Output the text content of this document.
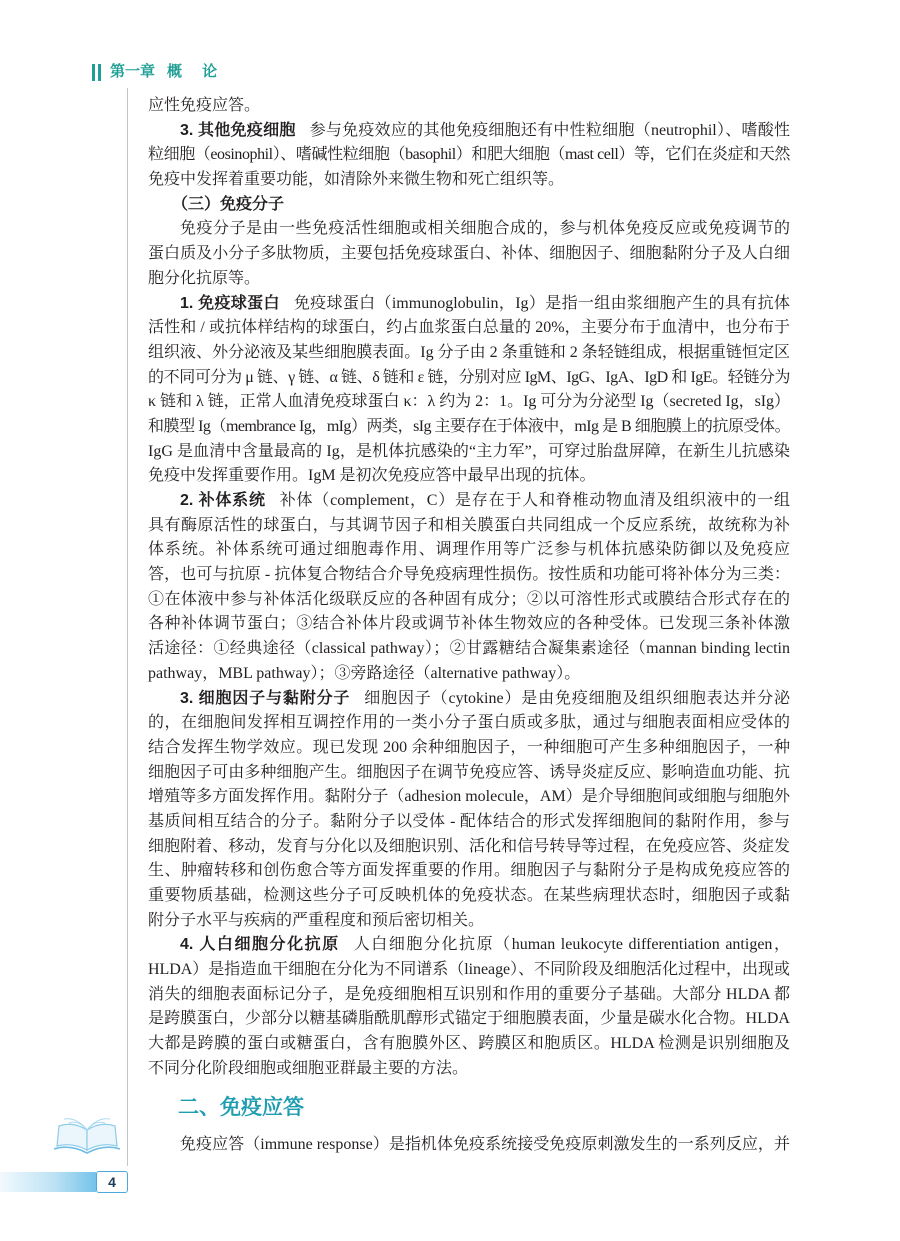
第一章 概 论
应性免疫应答。
3. 其他免疫细胞 参与免疫效应的其他免疫细胞还有中性粒细胞（neutrophil）、嗜酸性
粒细胞（eosinophil）、嗜碱性粒细胞（basophil）和肥大细胞（mast cell）等，它们在炎症和天然
免疫中发挥着重要功能，如清除外来微生物和死亡组织等。
（三）免疫分子
免疫分子是由一些免疫活性细胞或相关细胞合成的，参与机体免疫反应或免疫调节的
蛋白质及小分子多肽物质，主要包括免疫球蛋白、补体、细胞因子、细胞黏附分子及人白细
胞分化抗原等。
1. 免疫球蛋白 免疫球蛋白（immunoglobulin，Ig）是指一组由浆细胞产生的具有抗体
活性和 / 或抗体样结构的球蛋白，约占血浆蛋白总量的 20%，主要分布于血清中，也分布于
组织液、外分泌液及某些细胞膜表面。Ig 分子由 2 条重链和 2 条轻链组成，根据重链恒定区
的不同可分为 μ 链、γ 链、α 链、δ 链和 ε 链，分别对应 IgM、IgG、IgA、IgD 和 IgE。轻链分为
κ 链和 λ 链，正常人血清免疫球蛋白 κ：λ 约为 2：1。Ig 可分为分泌型 Ig（secreted Ig，sIg）
和膜型 Ig（membrance Ig，mIg）两类，sIg 主要存在于体液中，mIg 是 B 细胞膜上的抗原受体。
IgG 是血清中含量最高的 Ig，是机体抗感染的“主力军”，可穿过胎盘屏障，在新生儿抗感染
免疫中发挥重要作用。IgM 是初次免疫应答中最早出现的抗体。
2. 补体系统 补体（complement，C）是存在于人和脊椎动物血清及组织液中的一组
具有酶原活性的球蛋白，与其调节因子和相关膜蛋白共同组成一个反应系统，故统称为补
体系统。补体系统可通过细胞毒作用、调理作用等广泛参与机体抗感染防御以及免疫应
答，也可与抗原 - 抗体复合物结合介导免疫病理性损伤。按性质和功能可将补体分为三类：
①在体液中参与补体活化级联反应的各种固有成分；②以可溶性形式或膜结合形式存在的
各种补体调节蛋白；③结合补体片段或调节补体生物效应的各种受体。已发现三条补体激
活途径：①经典途径（classical pathway）；②甘露糖结合凝集素途径（mannan binding lectin
pathway，MBL pathway）；③旁路途径（alternative pathway）。
3. 细胞因子与黏附分子 细胞因子（cytokine）是由免疫细胞及组织细胞表达并分泌
的，在细胞间发挥相互调控作用的一类小分子蛋白质或多肽，通过与细胞表面相应受体的
结合发挥生物学效应。现已发现 200 余种细胞因子，一种细胞可产生多种细胞因子，一种
细胞因子可由多种细胞产生。细胞因子在调节免疫应答、诱导炎症反应、影响造血功能、抗
增殖等多方面发挥作用。黏附分子（adhesion molecule，AM）是介导细胞间或细胞与细胞外
基质间相互结合的分子。黏附分子以受体 - 配体结合的形式发挥细胞间的黏附作用，参与
细胞附着、移动，发育与分化以及细胞识别、活化和信号转导等过程，在免疫应答、炎症发
生、肿瘤转移和创伤愈合等方面发挥重要的作用。细胞因子与黏附分子是构成免疫应答的
重要物质基础，检测这些分子可反映机体的免疫状态。在某些病理状态时，细胞因子或黏
附分子水平与疾病的严重程度和预后密切相关。
4. 人白细胞分化抗原 人白细胞分化抗原（human leukocyte differentiation antigen，
HLDA）是指造血干细胞在分化为不同谱系（lineage）、不同阶段及细胞活化过程中，出现或
消失的细胞表面标记分子，是免疫细胞相互识别和作用的重要分子基础。大部分 HLDA 都
是跨膜蛋白，少部分以糖基磷脂酰肌醇形式锚定于细胞膜表面，少量是碳水化合物。HLDA
大都是跨膜的蛋白或糖蛋白，含有胞膜外区、跨膜区和胞质区。HLDA 检测是识别细胞及
不同分化阶段细胞或细胞亚群最主要的方法。
二、免疫应答
免疫应答（immune response）是指机体免疫系统接受免疫原刺激发生的一系列反应，并
4
